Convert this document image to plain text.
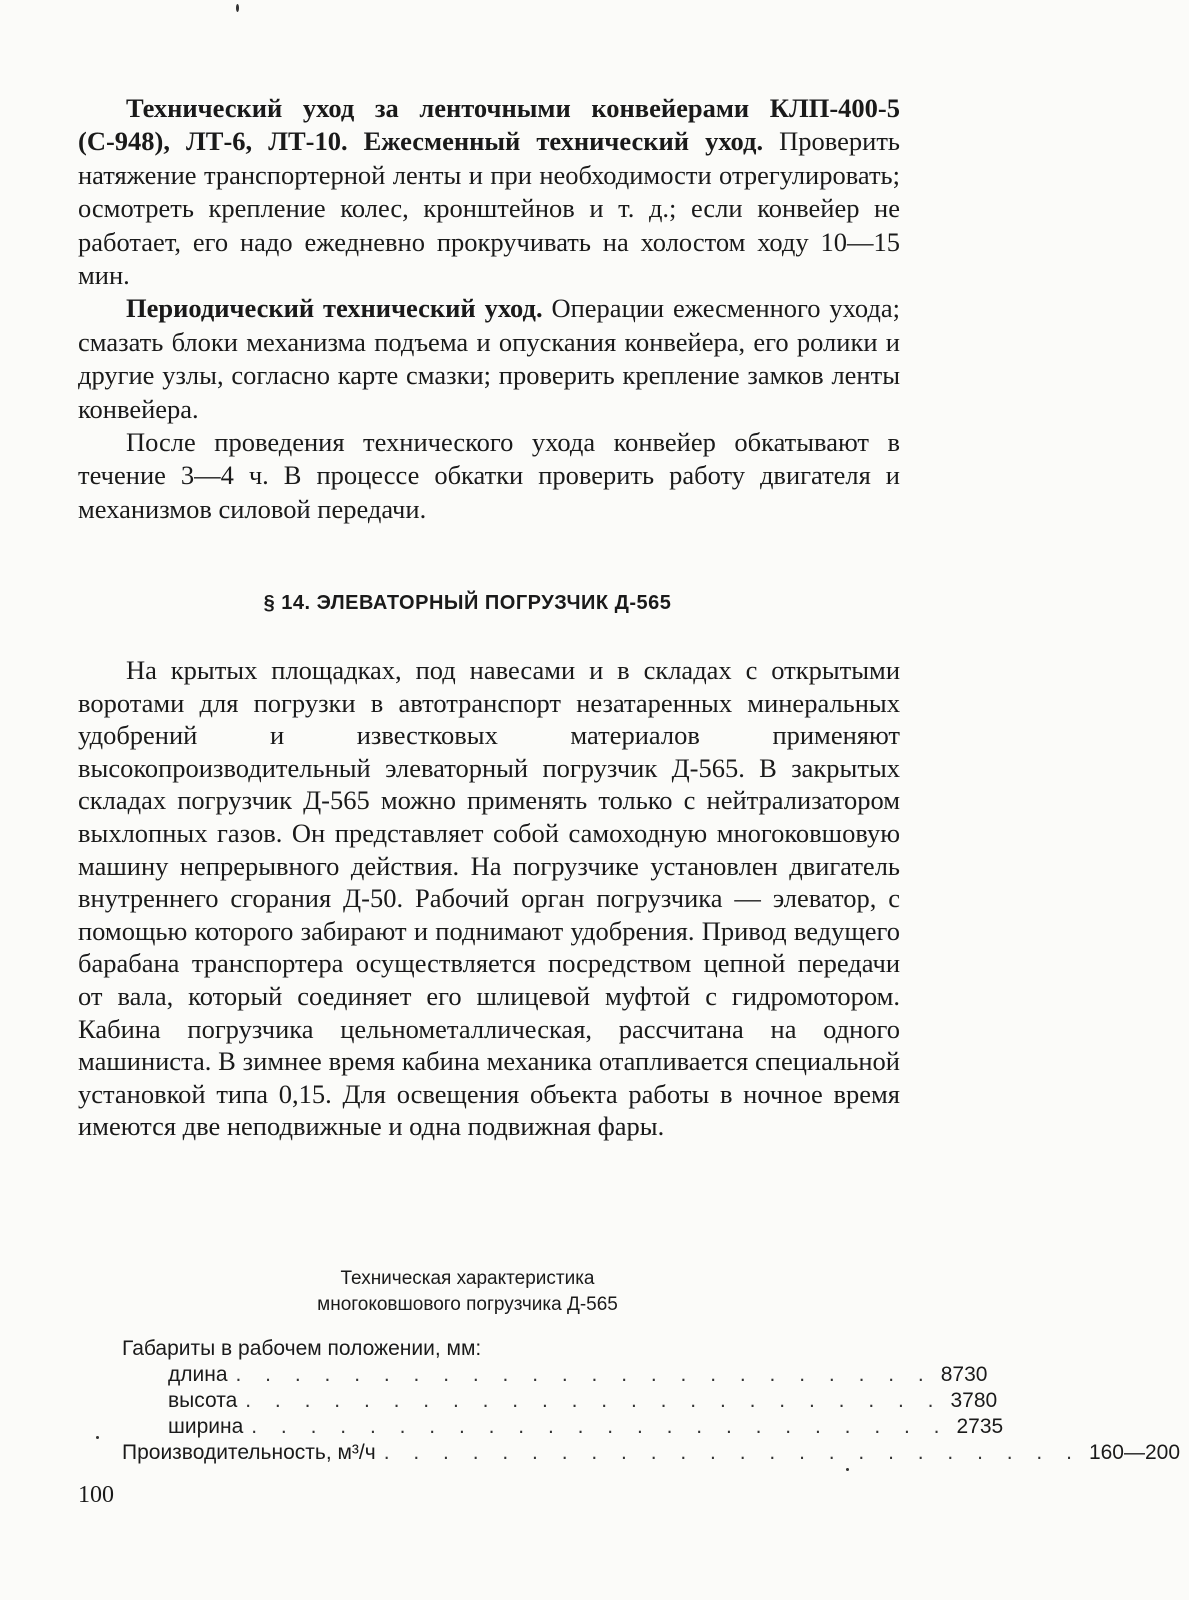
Технический уход за ленточными конвейерами КЛП-400-5 (С-948), ЛТ-6, ЛТ-10. Ежесменный технический уход. Проверить натяжение транспортерной ленты и при необходимости отрегулировать; осмотреть крепление колес, кронштейнов и т. д.; если конвейер не работает, его надо ежедневно прокручивать на холостом ходу 10—15 мин.

Периодический технический уход. Операции ежесменного ухода; смазать блоки механизма подъема и опускания конвейера, его ролики и другие узлы, согласно карте смазки; проверить крепление замков ленты конвейера.

После проведения технического ухода конвейер обкатывают в течение 3—4 ч. В процессе обкатки проверить работу двигателя и механизмов силовой передачи.

§ 14. ЭЛЕВАТОРНЫЙ ПОГРУЗЧИК Д-565

На крытых площадках, под навесами и в складах с открытыми воротами для погрузки в автотранспорт незатаренных минеральных удобрений и известковых материалов применяют высокопроизводительный элеваторный погрузчик Д-565. В закрытых складах погрузчик Д-565 можно применять только с нейтрализатором выхлопных газов. Он представляет собой самоходную многоковшовую машину непрерывного действия. На погрузчике установлен двигатель внутреннего сгорания Д-50. Рабочий орган погрузчика — элеватор, с помощью которого забирают и поднимают удобрения. Привод ведущего барабана транспортера осуществляется посредством цепной передачи от вала, который соединяет его шлицевой муфтой с гидромотором. Кабина погрузчика цельнометаллическая, рассчитана на одного машиниста. В зимнее время кабина механика отапливается специальной установкой типа 0,15. Для освещения объекта работы в ночное время имеются две неподвижные и одна подвижная фары.

Техническая характеристика
многоковшового погрузчика Д-565
Габариты в рабочем положении, мм:
длина . . . . . . . . . . . . . . . . . . . . . . . . 8730
высота . . . . . . . . . . . . . . . . . . . . . . . . 3780
ширина . . . . . . . . . . . . . . . . . . . . . . . . 2735
Производительность, м³/ч . . . . . . . . . . . . . . . . . . . . . . . . 160—200
100
